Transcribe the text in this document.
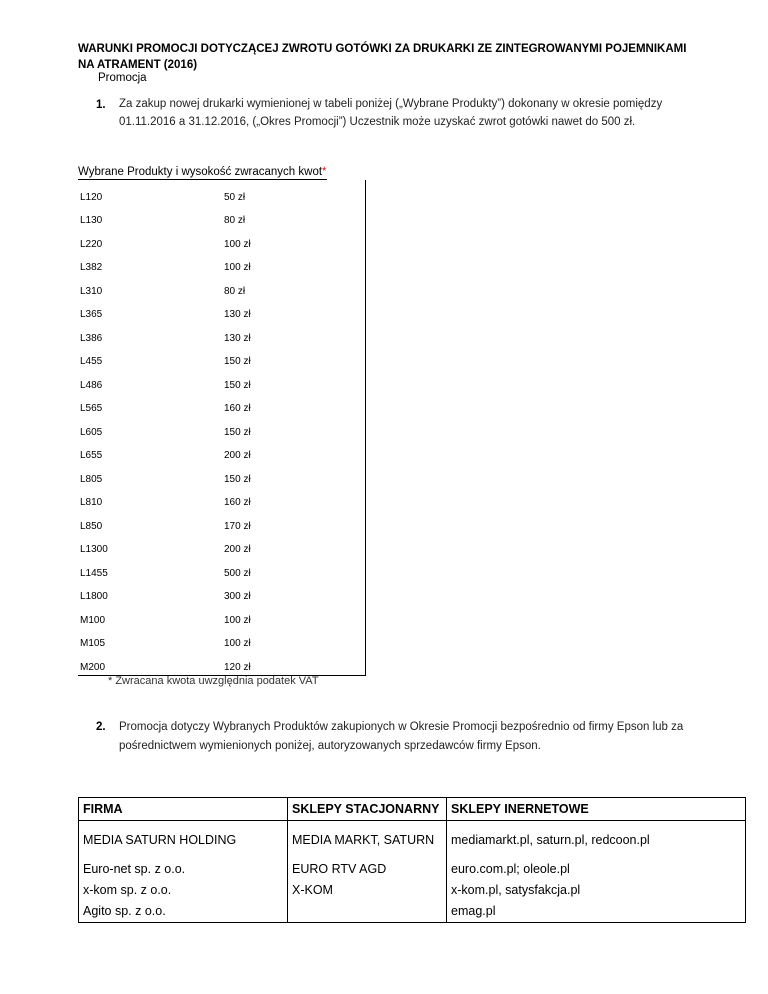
WARUNKI PROMOCJI DOTYCZĄCEJ ZWROTU GOTÓWKI ZA DRUKARKI ZE ZINTEGROWANYMI POJEMNIKAMI NA ATRAMENT (2016)
Promocja
1. Za zakup nowej drukarki wymienionej w tabeli poniżej („Wybrane Produkty”) dokonany w okresie pomiędzy
01.11.2016 a 31.12.2016, („Okres Promocji”) Uczestnik może uzyskać zwrot gotówki nawet do 500 zł.
Wybrane Produkty i wysokość zwracanych kwot*
L120	50 zł
L130	80 zł
L220	100 zł
L382	100 zł
L310	80 zł
L365	130 zł
L386	130 zł
L455	150 zł
L486	150 zł
L565	160 zł
L605	150 zł
L655	200 zł
L805	150 zł
L810	160 zł
L850	170 zł
L1300	200 zł
L1455	500 zł
L1800	300 zł
M100	100 zł
M105	100 zł
M200	120 zł
* Zwracana kwota uwzględnia podatek VAT
2. Promocja dotyczy Wybranych Produktów zakupionych w Okresie Promocji bezpośrednio od firmy Epson lub za
pośrednictwem wymienionych poniżej, autoryzowanych sprzedawców firmy Epson.
FIRMA	SKLEPY STACJONARNY	SKLEPY INERNETOWE
MEDIA SATURN HOLDING	MEDIA MARKT, SATURN	mediamarkt.pl, saturn.pl, redcoon.pl
Euro-net sp. z o.o.	EURO RTV AGD	euro.com.pl; oleole.pl
x-kom sp. z o.o.	X-KOM	x-kom.pl, satysfakcja.pl
Agito sp. z o.o.		emag.pl
